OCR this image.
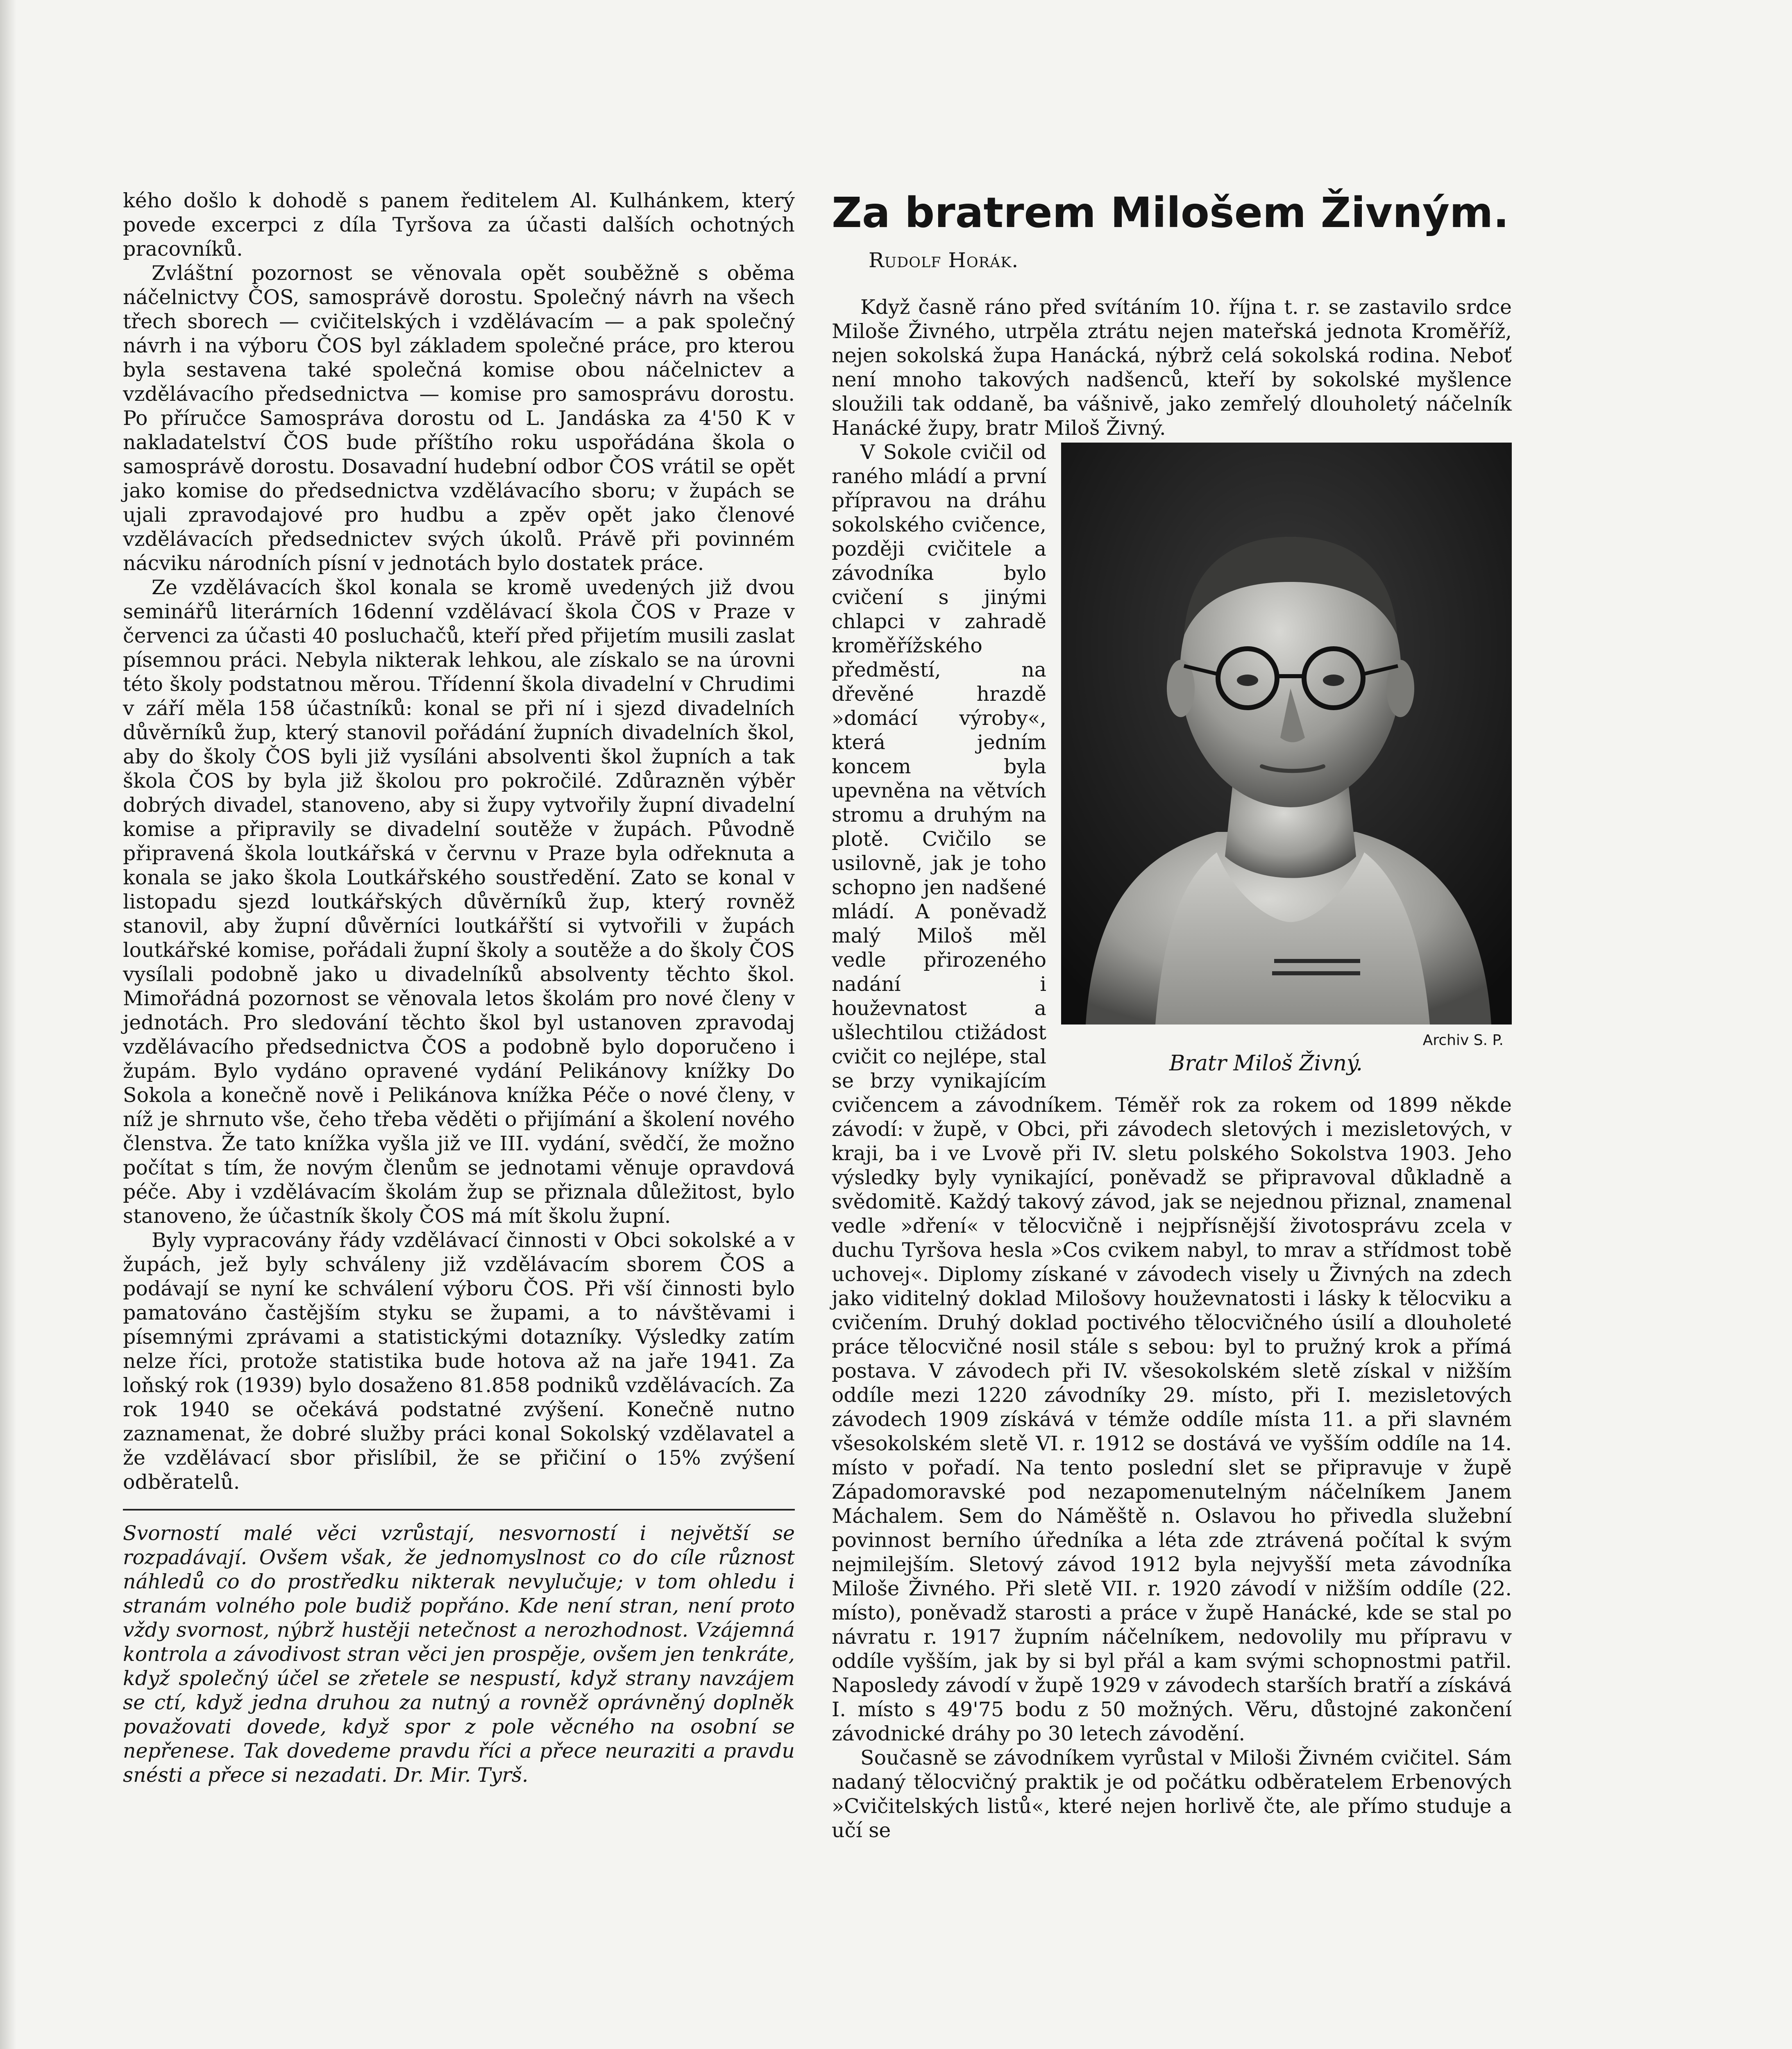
kého došlo k dohodě s panem ředitelem Al. Kulhánkem, který povede excerpci z díla Tyršova za účasti dalších ochotných pracovníků.

Zvláštní pozornost se věnovala opět souběžně s oběma náčelnictvy ČOS, samosprávě dorostu. Společný návrh na všech třech sborech — cvičitelských i vzdělávacím — a pak společný návrh i na výboru ČOS byl základem společné práce, pro kterou byla sestavena také společná komise obou náčelnictev a vzdělávacího předsednictva — komise pro samosprávu dorostu. Po příručce Samospráva dorostu od L. Jandáska za 4'50 K v nakladatelství ČOS bude příštího roku uspořádána škola o samosprávě dorostu. Dosavadní hudební odbor ČOS vrátil se opět jako komise do předsednictva vzdělávacího sboru; v župách se ujali zpravodajové pro hudbu a zpěv opět jako členové vzdělávacích předsednictev svých úkolů. Právě při povinném nácviku národních písní v jednotách bylo dostatek práce.

Ze vzdělávacích škol konala se kromě uvedených již dvou seminářů literárních 16denní vzdělávací škola ČOS v Praze v červenci za účasti 40 posluchačů, kteří před přijetím musili zaslat písemnou práci. Nebyla nikterak lehkou, ale získalo se na úrovni této školy podstatnou měrou. Třídenní škola divadelní v Chrudimi v září měla 158 účastníků: konal se při ní i sjezd divadelních důvěrníků žup, který stanovil pořádání župních divadelních škol, aby do školy ČOS byli již vysíláni absolventi škol župních a tak škola ČOS by byla již školou pro pokročilé. Zdůrazněn výběr dobrých divadel, stanoveno, aby si župy vytvořily župní divadelní komise a připravily se divadelní soutěže v župách. Původně připravená škola loutkářská v červnu v Praze byla odřeknuta a konala se jako škola Loutkářského soustředění. Zato se konal v listopadu sjezd loutkářských důvěrníků žup, který rovněž stanovil, aby župní důvěrníci loutkářští si vytvořili v župách loutkářské komise, pořádali župní školy a soutěže a do školy ČOS vysílali podobně jako u divadelníků absolventy těchto škol. Mimořádná pozornost se věnovala letos školám pro nové členy v jednotách. Pro sledování těchto škol byl ustanoven zpravodaj vzdělávacího předsednictva ČOS a podobně bylo doporučeno i župám. Bylo vydáno opravené vydání Pelikánovy knížky Do Sokola a konečně nově i Pelikánova knížka Péče o nové členy, v níž je shrnuto vše, čeho třeba věděti o přijímání a školení nového členstva. Že tato knížka vyšla již ve III. vydání, svědčí, že možno počítat s tím, že novým členům se jednotami věnuje opravdová péče. Aby i vzdělávacím školám žup se přiznala důležitost, bylo stanoveno, že účastník školy ČOS má mít školu župní.

Byly vypracovány řády vzdělávací činnosti v Obci sokolské a v župách, jež byly schváleny již vzdělávacím sborem ČOS a podávají se nyní ke schválení výboru ČOS. Při vší činnosti bylo pamatováno častějším styku se župami, a to návštěvami i písemnými zprávami a statistickými dotazníky. Výsledky zatím nelze říci, protože statistika bude hotova až na jaře 1941. Za loňský rok (1939) bylo dosaženo 81.858 podniků vzdělávacích. Za rok 1940 se očekává podstatné zvýšení. Konečně nutno zaznamenat, že dobré služby práci konal Sokolský vzdělavatel a že vzdělávací sbor přislíbil, že se přičiní o 15% zvýšení odběratelů.

Svorností malé věci vzrůstají, nesvorností i největší se rozpadávají. Ovšem však, že jednomyslnost co do cíle různost náhledů co do prostředku nikterak nevylučuje; v tom ohledu i stranám volného pole budiž popřáno. Kde není stran, není proto vždy svornost, nýbrž hustěji netečnost a nerozhodnost. Vzájemná kontrola a závodivost stran věci jen prospěje, ovšem jen tenkráte, když společný účel se zřetele se nespustí, když strany navzájem se ctí, když jedna druhou za nutný a rovněž oprávněný doplněk považovati dovede, když spor z pole věcného na osobní se nepřenese. Tak dovedeme pravdu říci a přece neuraziti a pravdu snésti a přece si nezadati. Dr. Mir. Tyrš.

Za bratrem Milošem Živným.
Rudolf Horák.

Když časně ráno před svítáním 10. října t. r. se zastavilo srdce Miloše Živného, utrpěla ztrátu nejen mateřská jednota Kroměříž, nejen sokolská župa Hanácká, nýbrž celá sokolská rodina. Neboť není mnoho takových nadšenců, kteří by sokolské myšlence sloužili tak oddaně, ba vášnivě, jako zemřelý dlouholetý náčelník Hanácké župy, bratr Miloš Živný.

Archiv S. P.
Bratr Miloš Živný.

V Sokole cvičil od raného mládí a první přípravou na dráhu sokolského cvičence, později cvičitele a závodníka bylo cvičení s jinými chlapci v zahradě kroměřížského předměstí, na dřevěné hrazdě »domácí výroby«, která jedním koncem byla upevněna na větvích stromu a druhým na plotě. Cvičilo se usilovně, jak je toho schopno jen nadšené mládí. A poněvadž malý Miloš měl vedle přirozeného nadání i houževnatost a ušlechtilou ctižádost cvičit co nejlépe, stal se brzy vynikajícím cvičencem a závodníkem. Téměř rok za rokem od 1899 někde závodí: v župě, v Obci, při závodech sletových i mezisletových, v kraji, ba i ve Lvově při IV. sletu polského Sokolstva 1903. Jeho výsledky byly vynikající, poněvadž se připravoval důkladně a svědomitě. Každý takový závod, jak se nejednou přiznal, znamenal vedle »dření« v tělocvičně i nejpřísnější životosprávu zcela v duchu Tyršova hesla »Cos cvikem nabyl, to mrav a střídmost tobě uchovej«. Diplomy získané v závodech visely u Živných na zdech jako viditelný doklad Milošovy houževnatosti i lásky k tělocviku a cvičením. Druhý doklad poctivého tělocvičného úsilí a dlouholeté práce tělocvičné nosil stále s sebou: byl to pružný krok a přímá postava. V závodech při IV. všesokolském sletě získal v nižším oddíle mezi 1220 závodníky 29. místo, při I. mezisletových závodech 1909 získává v témže oddíle místa 11. a při slavném všesokolském sletě VI. r. 1912 se dostává ve vyšším oddíle na 14. místo v pořadí. Na tento poslední slet se připravuje v župě Západomoravské pod nezapomenutelným náčelníkem Janem Máchalem. Sem do Náměště n. Oslavou ho přivedla služební povinnost berního úředníka a léta zde ztrávená počítal k svým nejmilejším. Sletový závod 1912 byla nejvyšší meta závodníka Miloše Živného. Při sletě VII. r. 1920 závodí v nižším oddíle (22. místo), poněvadž starosti a práce v župě Hanácké, kde se stal po návratu r. 1917 župním náčelníkem, nedovolily mu přípravu v oddíle vyšším, jak by si byl přál a kam svými schopnostmi patřil. Naposledy závodí v župě 1929 v závodech starších bratří a získává I. místo s 49'75 bodu z 50 možných. Věru, důstojné zakončení závodnické dráhy po 30 letech závodění.

Současně se závodníkem vyrůstal v Miloši Živném cvičitel. Sám nadaný tělocvičný praktik je od počátku odběratelem Erbenových »Cvičitelských listů«, které nejen horlivě čte, ale přímo studuje a učí se
